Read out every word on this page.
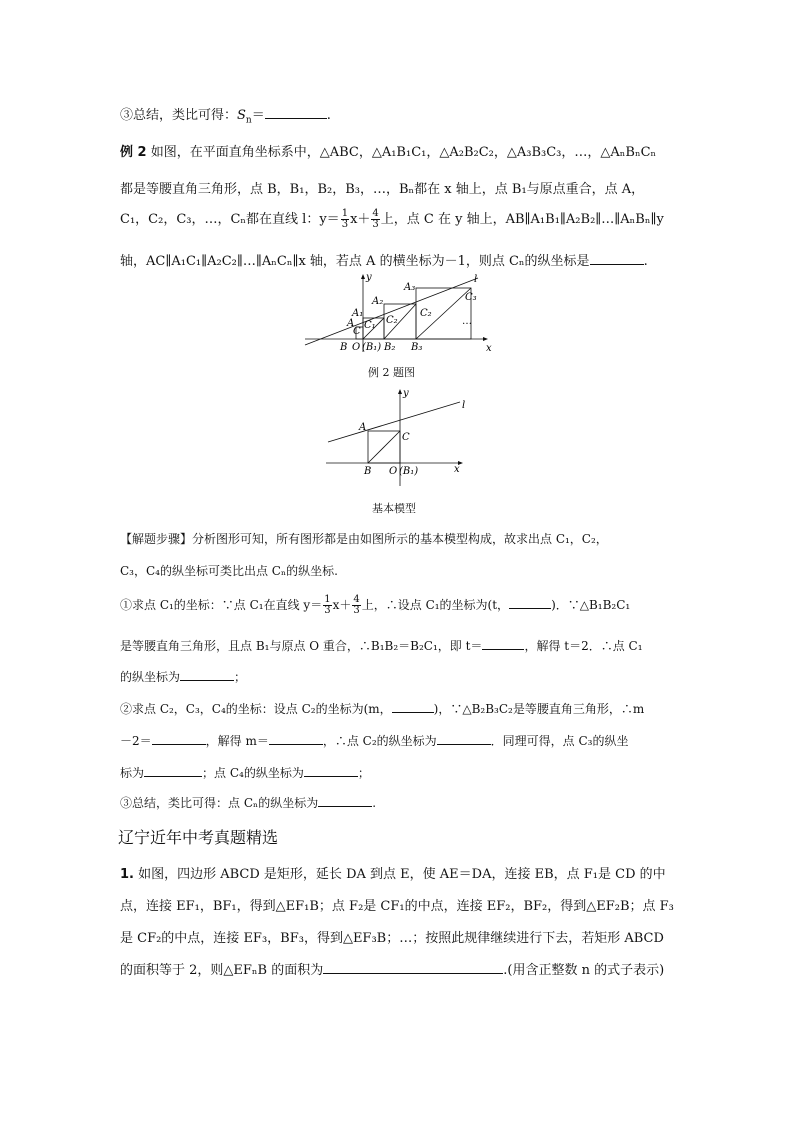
③总结，类比可得：$S_n=$	.
例 2 如图，在平面直角坐标系中，△ABC，△A₁B₁C₁，△A₂B₂C₂，△A₃B₃C₃，…，△AₙBₙCₙ
都是等腰直角三角形，点 B，B₁，B₂，B₃，…，Bₙ都在 x 轴上，点 B₁与原点重合，点 A，
C₁，C₂，C₃，…，Cₙ都在直线 l：$y= \frac{1}{3} x+ \frac{4}{3}$ 上，点 C 在 y 轴上，AB∥A₁B₁∥A₂B₂∥…∥AₙBₙ∥y
轴，AC∥A₁C₁∥A₂C₂∥…∥AₙCₙ∥x 轴，若点 A 的横坐标为－1，则点 Cₙ的纵坐标是	.
y
x
l
B O (B₁) B₂ B₃
A
A₁
A₂
A₃
C
C₁ C₂
C₂
C₃
…
例 2 题图
y
x
l
A
B
C
O (B₁)
基本模型
【解题步骤】分析图形可知，所有图形都是由如图所示的基本模型构成，故求出点 C₁，C₂，
C₃，C₄的纵坐标可类比出点 Cₙ的纵坐标.
①求点 C₁的坐标：∵点 C₁在直线 $y= \frac{1}{3} x+ \frac{4}{3}$ 上，∴设点 C₁的坐标为(t，	)．∵△B₁B₂C₁
是等腰直角三角形，且点 B₁与原点 O 重合，∴B₁B₂＝B₂C₁，即 t＝	，解得 t＝2．∴点 C₁
的纵坐标为	；
②求点 C₂，C₃，C₄的坐标：设点 C₂的坐标为(m，	)，∵△B₂B₃C₂是等腰直角三角形，∴m
－2＝	，解得 m＝	，∴点 C₂的纵坐标为	．同理可得，点 C₃的纵坐
标为	；点 C₄的纵坐标为	；
③总结，类比可得：点 Cₙ的纵坐标为	.
辽宁近年中考真题精选
1. 如图，四边形 ABCD 是矩形，延长 DA 到点 E，使 AE＝DA，连接 EB，点 F₁是 CD 的中
点，连接 EF₁，BF₁，得到△EF₁B；点 F₂是 CF₁的中点，连接 EF₂，BF₂，得到△EF₂B；点 F₃
是 CF₂的中点，连接 EF₃，BF₃，得到△EF₃B；…；按照此规律继续进行下去，若矩形 ABCD
的面积等于 2，则△EFₙB 的面积为	.(用含正整数 n 的式子表示)
